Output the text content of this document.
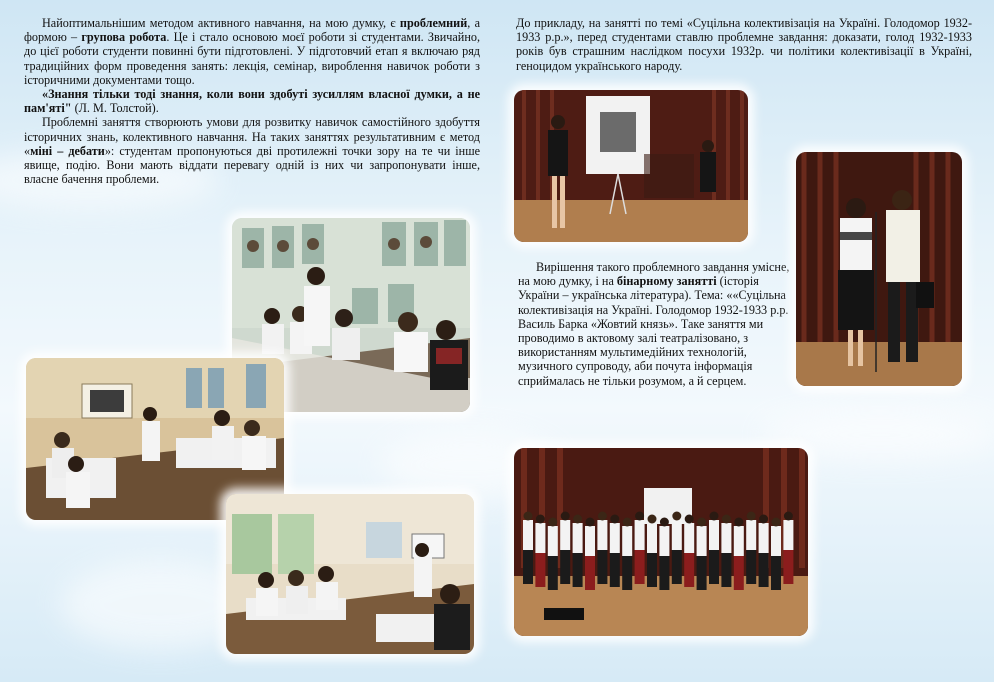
Найоптимальнішим методом активного навчання, на мою думку, є проблемний, а формою – групова робота. Це і стало основою моєї роботи зі студентами. Звичайно, до цієї роботи студенти повинні бути підготовлені. У підготовчий етап я включаю ряд традиційних форм проведення занять: лекція, семінар, вироблення навичок роботи з історичними документами тощо.

«Знання тільки тоді знання, коли вони здобуті зусиллям власної думки, а не пам'яті" (Л. М. Толстой).

Проблемні заняття створюють умови для розвитку навичок самостійного здобуття історичних знань, колективного навчання. На таких заняттях результативним є метод «міні – дебати»: студентам пропонуються дві протилежні точки зору на те чи інше явище, подію. Вони мають віддати перевагу одній із них чи запропонувати інше, власне бачення проблеми.

До прикладу, на занятті по темі «Суцільна колективізація на Україні. Голодомор 1932-1933 р.р.», перед студентами ставлю проблемне завдання: доказати, голод 1932-1933 років був страшним наслідком посухи 1932р. чи політики колективізації в Україні, геноцидом українського народу.

Вирішення такого проблемного завдання уміснe, на мою думку, і на бінарному занятті (історія України – українська література). Тема: ««Суцільна колективізація на Україні. Голодомор 1932-1933 р.р. Василь Барка «Жовтий князь». Таке заняття ми проводимо в актовому залі театралізовано, з використанням мультимедійних технологій, музичного супроводу, аби почута інформація сприймалась не тільки розумом, а й серцем.
